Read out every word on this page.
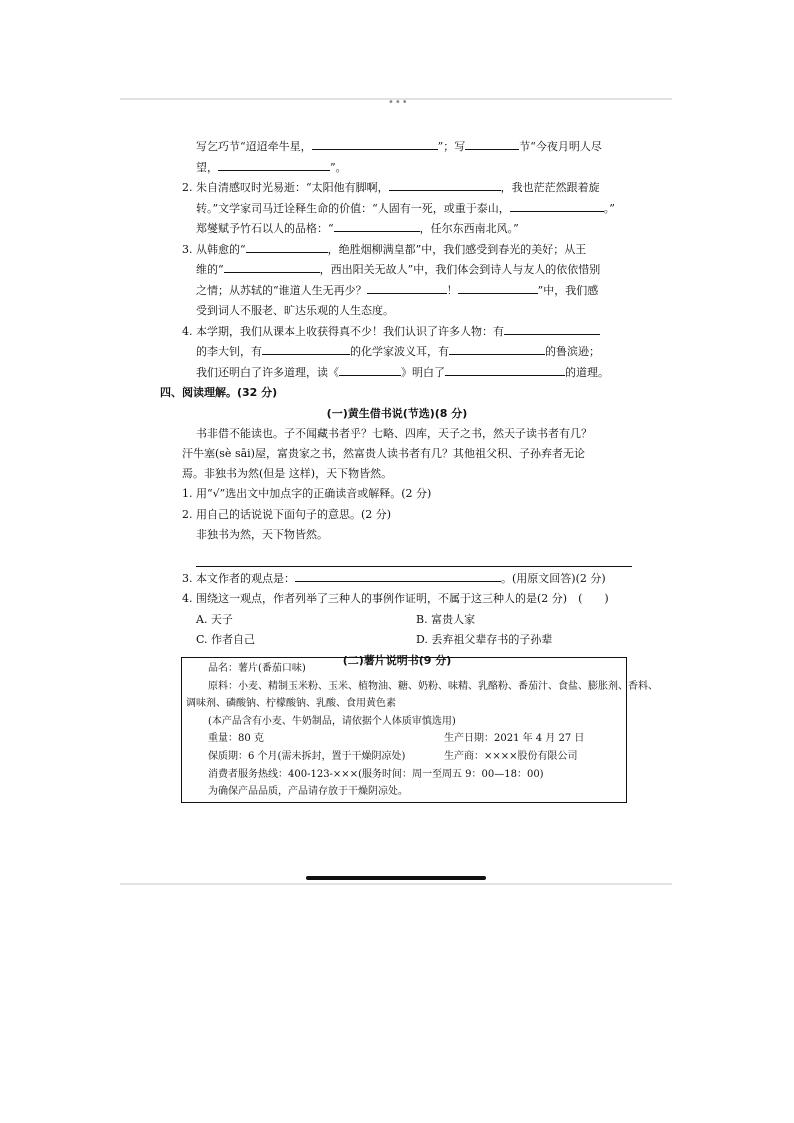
•••
写乞巧节“迢迢牵牛星，	”；写	节“今夜月明人尽
望，	”。
2. 朱自清感叹时光易逝：“太阳他有脚啊，	，我也茫茫然跟着旋
转。”文学家司马迁诠释生命的价值：“人固有一死，或重于泰山，	。”
郑燮赋予竹石以人的品格：“	，任尔东西南北风。”
3. 从韩愈的“	，绝胜烟柳满皇都”中，我们感受到春光的美好；从王
维的“	，西出阳关无故人”中，我们体会到诗人与友人的依依惜别
之情；从苏轼的“谁道人生无再少？	！	”中，我们感
受到词人不服老、旷达乐观的人生态度。
4. 本学期，我们从课本上收获得真不少！我们认识了许多人物：有
的李大钊，有	的化学家波义耳，有	的鲁滨逊；
我们还明白了许多道理，读《	》明白了	的道理。
四、阅读理解。(32 分)
(一)黄生借书说(节选)(8 分)
书非借不能读也。子不闻藏书者乎？七略、四库，天子之书，然天子读书者有几？
汗牛塞(sè sāi)屋，富贵家之书，然富贵人读书者有几？其他祖父积、子孙弃者无论
焉。非独书为然(但是 这样)，天下物皆然。
1. 用“√”选出文中加点字的正确读音或解释。(2 分)
2. 用自己的话说说下面句子的意思。(2 分)
非独书为然，天下物皆然。
3. 本文作者的观点是：	。(用原文回答)(2 分)
4. 围绕这一观点，作者列举了三种人的事例作证明，不属于这三种人的是(2 分)　(　　)
A. 天子	B. 富贵人家
C. 作者自己	D. 丢弃祖父辈存书的子孙辈
(二)薯片说明书(9 分)
品名：薯片(番茄口味)
原料：小麦、精制玉米粉、玉米、植物油、糖、奶粉、味精、乳酪粉、番茄汁、食盐、膨胀剂、香料、
调味剂、磷酸钠、柠檬酸钠、乳酸、食用黄色素
(本产品含有小麦、牛奶制品，请依据个人体质审慎选用)
重量：80 克	生产日期：2021 年 4 月 27 日
保质期：6 个月(需未拆封，置于干燥阴凉处)	生产商：××××股份有限公司
消费者服务热线：400-123-×××(服务时间：周一至周五 9：00—18：00)
为确保产品品质，产品请存放于干燥阴凉处。
